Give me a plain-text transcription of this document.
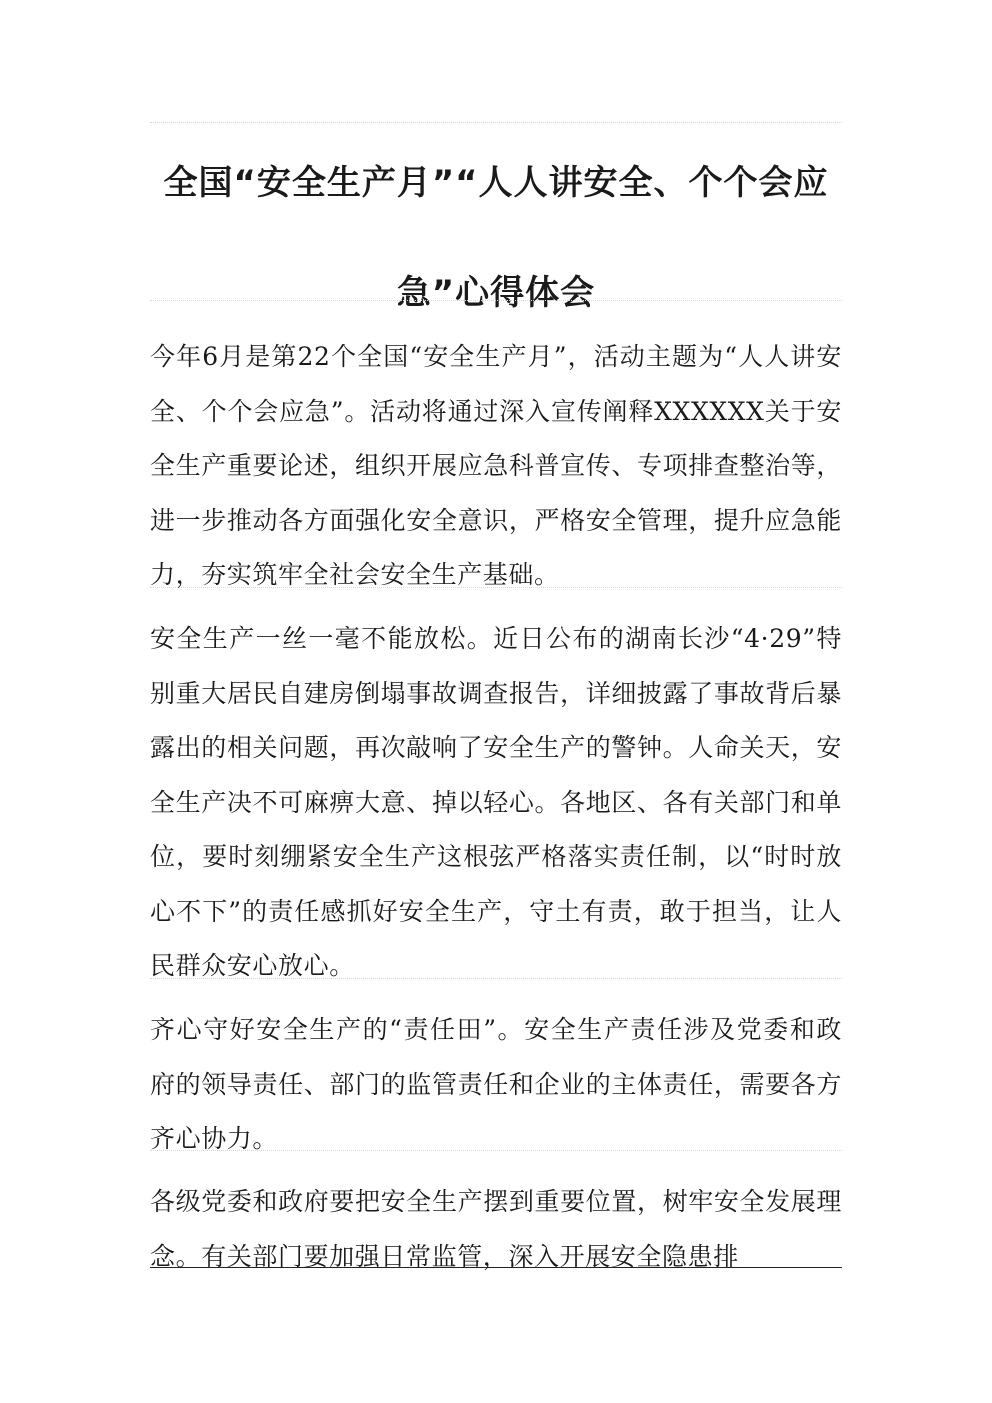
全国“安全生产月”“人人讲安全、个个会应
急”心得体会
今年6月是第22个全国“安全生产月”，活动主题为“人人讲安全、个个会应急”。活动将通过深入宣传阐释XXXXXX关于安全生产重要论述，组织开展应急科普宣传、专项排查整治等，进一步推动各方面强化安全意识，严格安全管理，提升应急能力，夯实筑牢全社会安全生产基础。
安全生产一丝一毫不能放松。近日公布的湖南长沙“4·29”特别重大居民自建房倒塌事故调查报告，详细披露了事故背后暴露出的相关问题，再次敲响了安全生产的警钟。人命关天，安全生产决不可麻痹大意、掉以轻心。各地区、各有关部门和单位，要时刻绷紧安全生产这根弦严格落实责任制，以“时时放心不下”的责任感抓好安全生产，守土有责，敢于担当，让人民群众安心放心。
齐心守好安全生产的“责任田”。安全生产责任涉及党委和政府的领导责任、部门的监管责任和企业的主体责任，需要各方齐心协力。
各级党委和政府要把安全生产摆到重要位置，树牢安全发展理念。有关部门要加强日常监管，深入开展安全隐患排
